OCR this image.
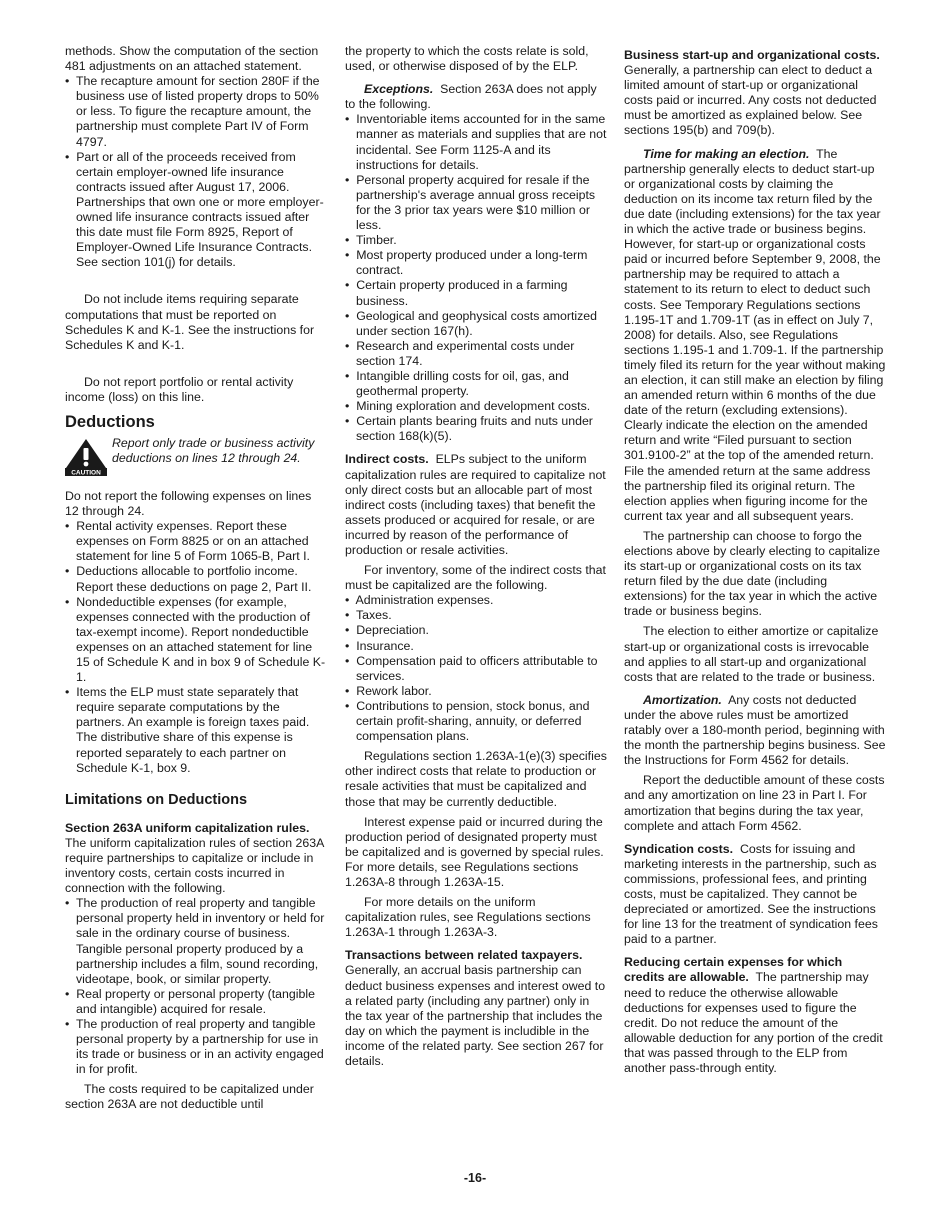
methods. Show the computation of the section 481 adjustments on an attached statement.

•  The recapture amount for section 280F if the business use of listed property drops to 50% or less. To figure the recapture amount, the partnership must complete Part IV of Form 4797.

•  Part or all of the proceeds received from certain employer-owned life insurance contracts issued after August 17, 2006. Partnerships that own one or more employer-owned life insurance contracts issued after this date must file Form 8925, Report of Employer-Owned Life Insurance Contracts. See section 101(j) for details.

Do not include items requiring separate computations that must be reported on Schedules K and K-1. See the instructions for Schedules K and K-1.

Do not report portfolio or rental activity income (loss) on this line.

Deductions
CAUTION
Report only trade or business activity deductions on lines 12 through 24.

Do not report the following expenses on lines 12 through 24.

•  Rental activity expenses. Report these expenses on Form 8825 or on an attached statement for line 5 of Form 1065-B, Part I.

•  Deductions allocable to portfolio income. Report these deductions on page 2, Part II.

•  Nondeductible expenses (for example, expenses connected with the production of tax-exempt income). Report nondeductible expenses on an attached statement for line 15 of Schedule K and in box 9 of Schedule K-1.

•  Items the ELP must state separately that require separate computations by the partners. An example is foreign taxes paid. The distributive share of this expense is reported separately to each partner on Schedule K-1, box 9.

Limitations on Deductions

Section 263A uniform capitalization rules.  The uniform capitalization rules of section 263A require partnerships to capitalize or include in inventory costs, certain costs incurred in connection with the following.

•  The production of real property and tangible personal property held in inventory or held for sale in the ordinary course of business. Tangible personal property produced by a partnership includes a film, sound recording, videotape, book, or similar property.

•  Real property or personal property (tangible and intangible) acquired for resale.

•  The production of real property and tangible personal property by a partnership for use in its trade or business or in an activity engaged in for profit.

The costs required to be capitalized under section 263A are not deductible until

the property to which the costs relate is sold, used, or otherwise disposed of by the ELP.

Exceptions. Section 263A does not apply to the following.

•  Inventoriable items accounted for in the same manner as materials and supplies that are not incidental. See Form 1125-A and its instructions for details.

•  Personal property acquired for resale if the partnership's average annual gross receipts for the 3 prior tax years were $10 million or less.

•  Timber.

•  Most property produced under a long-term contract.

•  Certain property produced in a farming business.

•  Geological and geophysical costs amortized under section 167(h).

•  Research and experimental costs under section 174.

•  Intangible drilling costs for oil, gas, and geothermal property.

•  Mining exploration and development costs.

•  Certain plants bearing fruits and nuts under section 168(k)(5).

Indirect costs. ELPs subject to the uniform capitalization rules are required to capitalize not only direct costs but an allocable part of most indirect costs (including taxes) that benefit the assets produced or acquired for resale, or are incurred by reason of the performance of production or resale activities.

For inventory, some of the indirect costs that must be capitalized are the following.

•  Administration expenses.

•  Taxes.

•  Depreciation.

•  Insurance.

•  Compensation paid to officers attributable to services.

•  Rework labor.

•  Contributions to pension, stock bonus, and certain profit-sharing, annuity, or deferred compensation plans.

Regulations section 1.263A-1(e)(3) specifies other indirect costs that relate to production or resale activities that must be capitalized and those that may be currently deductible.

Interest expense paid or incurred during the production period of designated property must be capitalized and is governed by special rules. For more details, see Regulations sections 1.263A-8 through 1.263A-15.

For more details on the uniform capitalization rules, see Regulations sections 1.263A-1 through 1.263A-3.

Transactions between related taxpayers. Generally, an accrual basis partnership can deduct business expenses and interest owed to a related party (including any partner) only in the tax year of the partnership that includes the day on which the payment is includible in the income of the related party. See section 267 for details.

Business start-up and organizational costs.  Generally, a partnership can elect to deduct a limited amount of start-up or organizational costs paid or incurred. Any costs not deducted must be amortized as explained below. See sections 195(b) and 709(b).

Time for making an election. The partnership generally elects to deduct start-up or organizational costs by claiming the deduction on its income tax return filed by the due date (including extensions) for the tax year in which the active trade or business begins. However, for start-up or organizational costs paid or incurred before September 9, 2008, the partnership may be required to attach a statement to its return to elect to deduct such costs. See Temporary Regulations sections 1.195-1T and 1.709-1T (as in effect on July 7, 2008) for details. Also, see Regulations sections 1.195-1 and 1.709-1. If the partnership timely filed its return for the year without making an election, it can still make an election by filing an amended return within 6 months of the due date of the return (excluding extensions). Clearly indicate the election on the amended return and write “Filed pursuant to section 301.9100-2” at the top of the amended return. File the amended return at the same address the partnership filed its original return. The election applies when figuring income for the current tax year and all subsequent years.

The partnership can choose to forgo the elections above by clearly electing to capitalize its start-up or organizational costs on its tax return filed by the due date (including extensions) for the tax year in which the active trade or business begins.

The election to either amortize or capitalize start-up or organizational costs is irrevocable and applies to all start-up and organizational costs that are related to the trade or business.

Amortization. Any costs not deducted under the above rules must be amortized ratably over a 180-month period, beginning with the month the partnership begins business. See the Instructions for Form 4562 for details.

Report the deductible amount of these costs and any amortization on line 23 in Part I. For amortization that begins during the tax year, complete and attach Form 4562.

Syndication costs. Costs for issuing and marketing interests in the partnership, such as commissions, professional fees, and printing costs, must be capitalized. They cannot be depreciated or amortized. See the instructions for line 13 for the treatment of syndication fees paid to a partner.

Reducing certain expenses for which credits are allowable. The partnership may need to reduce the otherwise allowable deductions for expenses used to figure the credit. Do not reduce the amount of the allowable deduction for any portion of the credit that was passed through to the ELP from another pass-through entity.

-16-
